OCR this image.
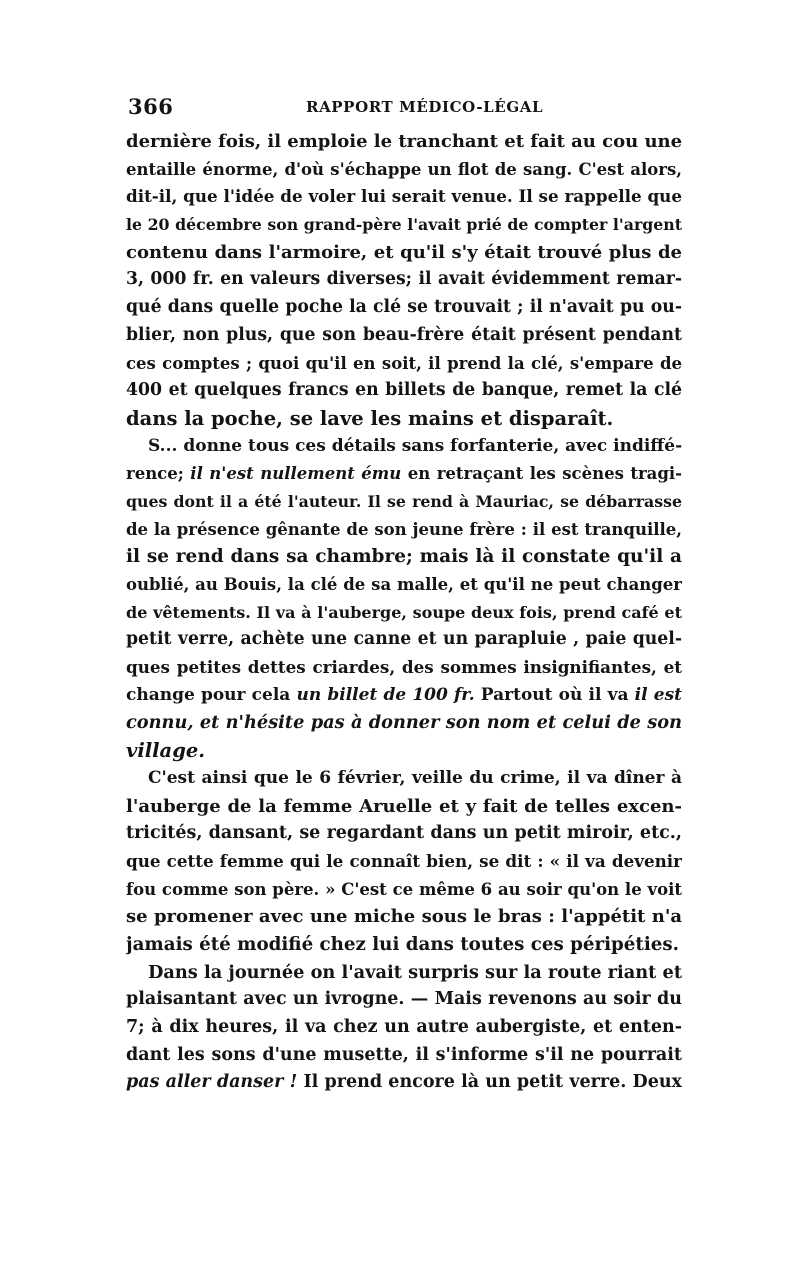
366	RAPPORT MÉDICO-LÉGAL
dernière fois, il emploie le tranchant et fait au cou une
entaille énorme, d'où s'échappe un flot de sang. C'est alors,
dit-il, que l'idée de voler lui serait venue. Il se rappelle que
le 20 décembre son grand-père l'avait prié de compter l'argent
contenu dans l'armoire, et qu'il s'y était trouvé plus de
3, 000 fr. en valeurs diverses; il avait évidemment remar-
qué dans quelle poche la clé se trouvait ; il n'avait pu ou-
blier, non plus, que son beau-frère était présent pendant
ces comptes ; quoi qu'il en soit, il prend la clé, s'empare de
400 et quelques francs en billets de banque, remet la clé
dans la poche, se lave les mains et disparaît.
S... donne tous ces détails sans forfanterie, avec indiffé-
rence; il n'est nullement ému en retraçant les scènes tragi-
ques dont il a été l'auteur. Il se rend à Mauriac, se débarrasse
de la présence gênante de son jeune frère : il est tranquille,
il se rend dans sa chambre; mais là il constate qu'il a
oublié, au Bouis, la clé de sa malle, et qu'il ne peut changer
de vêtements. Il va à l'auberge, soupe deux fois, prend café et
petit verre, achète une canne et un parapluie , paie quel-
ques petites dettes criardes, des sommes insignifiantes, et
change pour cela un billet de 100 fr. Partout où il va il est
connu, et n'hésite pas à donner son nom et celui de son
village.
C'est ainsi que le 6 février, veille du crime, il va dîner à
l'auberge de la femme Aruelle et y fait de telles excen-
tricités, dansant, se regardant dans un petit miroir, etc.,
que cette femme qui le connaît bien, se dit : « il va devenir
fou comme son père. » C'est ce même 6 au soir qu'on le voit
se promener avec une miche sous le bras : l'appétit n'a
jamais été modifié chez lui dans toutes ces péripéties.
Dans la journée on l'avait surpris sur la route riant et
plaisantant avec un ivrogne. — Mais revenons au soir du
7; à dix heures, il va chez un autre aubergiste, et enten-
dant les sons d'une musette, il s'informe s'il ne pourrait
pas aller danser ! Il prend encore là un petit verre. Deux
